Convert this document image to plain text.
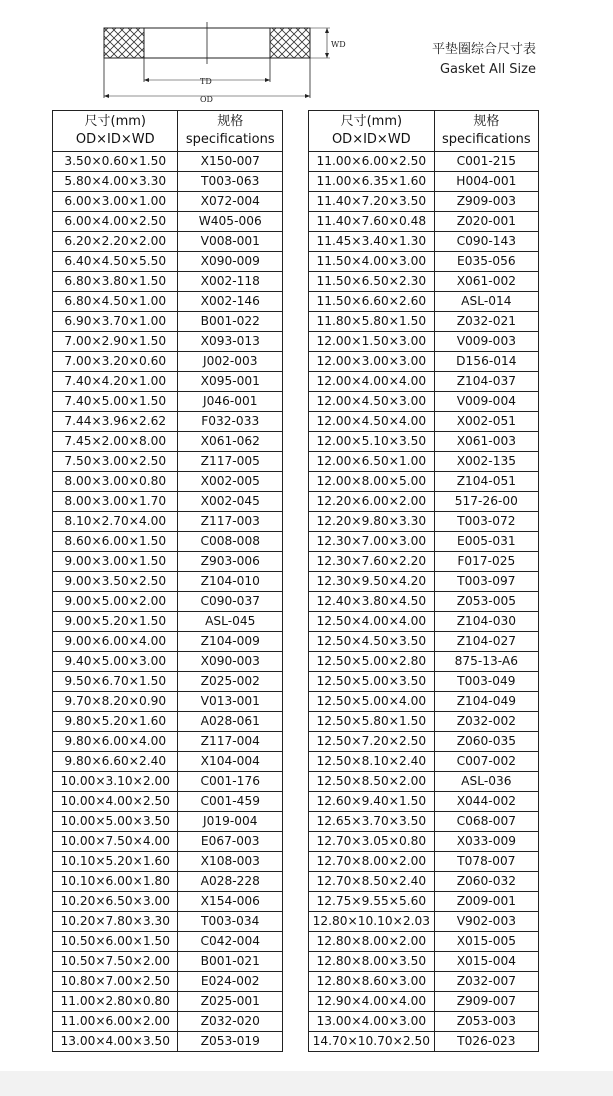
TD
OD
WD	平垫圈综合尺寸表
Gasket All Size
尺寸(mm)
OD×ID×WD	规格
specifications
3.50×0.60×1.50	X150-007
5.80×4.00×3.30	T003-063
6.00×3.00×1.00	X072-004
6.00×4.00×2.50	W405-006
6.20×2.20×2.00	V008-001
6.40×4.50×5.50	X090-009
6.80×3.80×1.50	X002-118
6.80×4.50×1.00	X002-146
6.90×3.70×1.00	B001-022
7.00×2.90×1.50	X093-013
7.00×3.20×0.60	J002-003
7.40×4.20×1.00	X095-001
7.40×5.00×1.50	J046-001
7.44×3.96×2.62	F032-033
7.45×2.00×8.00	X061-062
7.50×3.00×2.50	Z117-005
8.00×3.00×0.80	X002-005
8.00×3.00×1.70	X002-045
8.10×2.70×4.00	Z117-003
8.60×6.00×1.50	C008-008
9.00×3.00×1.50	Z903-006
9.00×3.50×2.50	Z104-010
9.00×5.00×2.00	C090-037
9.00×5.20×1.50	ASL-045
9.00×6.00×4.00	Z104-009
9.40×5.00×3.00	X090-003
9.50×6.70×1.50	Z025-002
9.70×8.20×0.90	V013-001
9.80×5.20×1.60	A028-061
9.80×6.00×4.00	Z117-004
9.80×6.60×2.40	X104-004
10.00×3.10×2.00	C001-176
10.00×4.00×2.50	C001-459
10.00×5.00×3.50	J019-004
10.00×7.50×4.00	E067-003
10.10×5.20×1.60	X108-003
10.10×6.00×1.80	A028-228
10.20×6.50×3.00	X154-006
10.20×7.80×3.30	T003-034
10.50×6.00×1.50	C042-004
10.50×7.50×2.00	B001-021
10.80×7.00×2.50	E024-002
11.00×2.80×0.80	Z025-001
11.00×6.00×2.00	Z032-020
13.00×4.00×3.50	Z053-019
尺寸(mm)
OD×ID×WD	规格
specifications
11.00×6.00×2.50	C001-215
11.00×6.35×1.60	H004-001
11.40×7.20×3.50	Z909-003
11.40×7.60×0.48	Z020-001
11.45×3.40×1.30	C090-143
11.50×4.00×3.00	E035-056
11.50×6.50×2.30	X061-002
11.50×6.60×2.60	ASL-014
11.80×5.80×1.50	Z032-021
12.00×1.50×3.00	V009-003
12.00×3.00×3.00	D156-014
12.00×4.00×4.00	Z104-037
12.00×4.50×3.00	V009-004
12.00×4.50×4.00	X002-051
12.00×5.10×3.50	X061-003
12.00×6.50×1.00	X002-135
12.00×8.00×5.00	Z104-051
12.20×6.00×2.00	517-26-00
12.20×9.80×3.30	T003-072
12.30×7.00×3.00	E005-031
12.30×7.60×2.20	F017-025
12.30×9.50×4.20	T003-097
12.40×3.80×4.50	Z053-005
12.50×4.00×4.00	Z104-030
12.50×4.50×3.50	Z104-027
12.50×5.00×2.80	875-13-A6
12.50×5.00×3.50	T003-049
12.50×5.00×4.00	Z104-049
12.50×5.80×1.50	Z032-002
12.50×7.20×2.50	Z060-035
12.50×8.10×2.40	C007-002
12.50×8.50×2.00	ASL-036
12.60×9.40×1.50	X044-002
12.65×3.70×3.50	C068-007
12.70×3.05×0.80	X033-009
12.70×8.00×2.00	T078-007
12.70×8.50×2.40	Z060-032
12.75×9.55×5.60	Z009-001
12.80×10.10×2.03	V902-003
12.80×8.00×2.00	X015-005
12.80×8.00×3.50	X015-004
12.80×8.60×3.00	Z032-007
12.90×4.00×4.00	Z909-007
13.00×4.00×3.00	Z053-003
14.70×10.70×2.50	T026-023
